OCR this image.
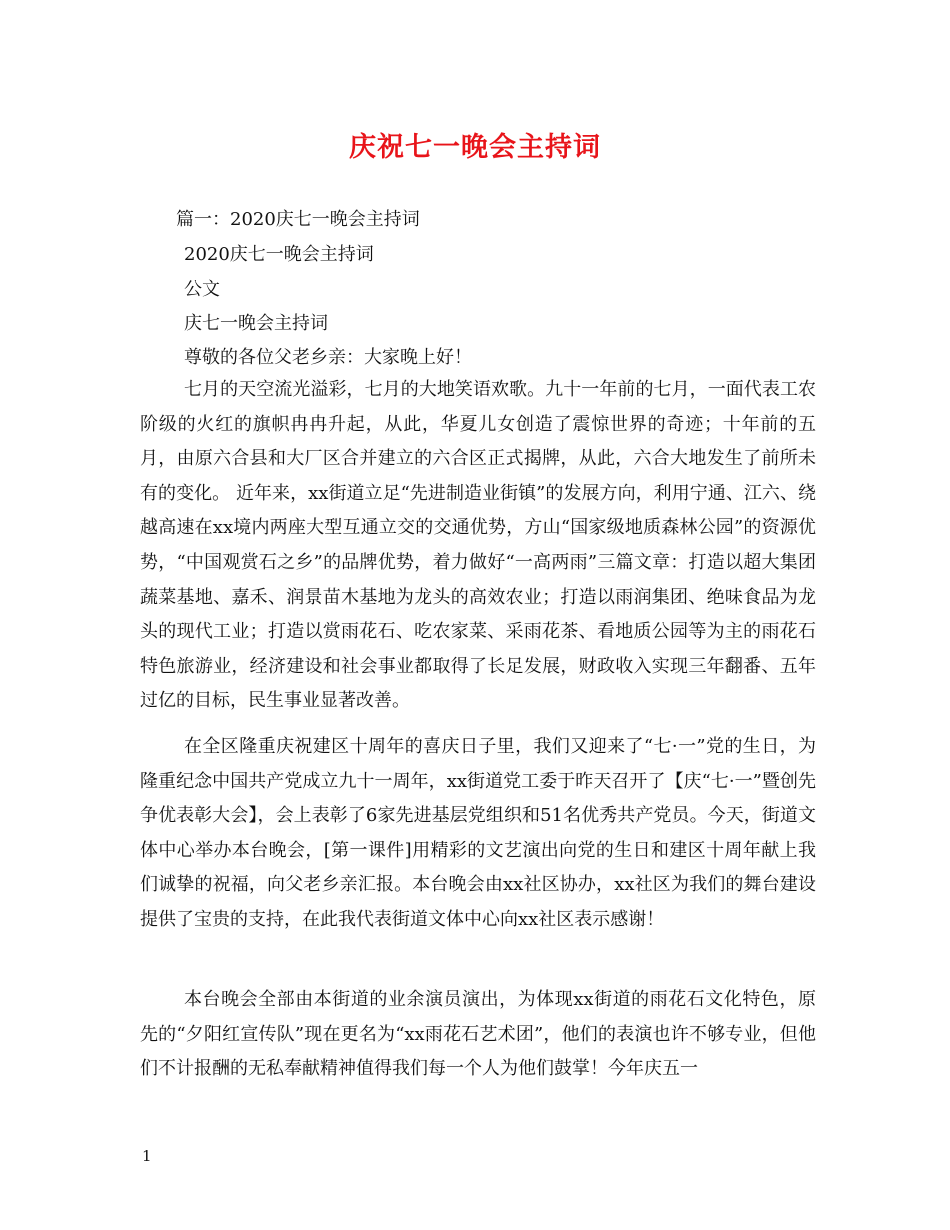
庆祝七一晚会主持词
篇一：2020庆七一晚会主持词
2020庆七一晚会主持词
公文
庆七一晚会主持词
尊敬的各位父老乡亲：大家晚上好！

七月的天空流光溢彩，七月的大地笑语欢歌。九十一年前的七月，一面代表工农阶级的火红的旗帜冉冉升起，从此，华夏儿女创造了震惊世界的奇迹；十年前的五月，由原六合县和大厂区合并建立的六合区正式揭牌，从此，六合大地发生了前所未有的变化。 近年来，xx街道立足“先进制造业街镇”的发展方向，利用宁通、江六、绕越高速在xx境内两座大型互通立交的交通优势，方山“国家级地质森林公园”的资源优势，“中国观赏石之乡”的品牌优势，着力做好“一高两雨”三篇文章：打造以超大集团蔬菜基地、嘉禾、润景苗木基地为龙头的高效农业；打造以雨润集团、绝味食品为龙头的现代工业；打造以赏雨花石、吃农家菜、采雨花茶、看地质公园等为主的雨花石特色旅游业，经济建设和社会事业都取得了长足发展，财政收入实现三年翻番、五年过亿的目标，民生事业显著改善。

在全区隆重庆祝建区十周年的喜庆日子里，我们又迎来了“七·一”党的生日，为隆重纪念中国共产党成立九十一周年，xx街道党工委于昨天召开了【庆“七·一”暨创先争优表彰大会】，会上表彰了6家先进基层党组织和51名优秀共产党员。今天，街道文体中心举办本台晚会，[第一课件]用精彩的文艺演出向党的生日和建区十周年献上我们诚挚的祝福，向父老乡亲汇报。本台晚会由xx社区协办，xx社区为我们的舞台建设提供了宝贵的支持，在此我代表街道文体中心向xx社区表示感谢！

本台晚会全部由本街道的业余演员演出，为体现xx街道的雨花石文化特色，原先的“夕阳红宣传队”现在更名为“xx雨花石艺术团”，他们的表演也许不够专业，但他们不计报酬的无私奉献精神值得我们每一个人为他们鼓掌！今年庆五一

1
